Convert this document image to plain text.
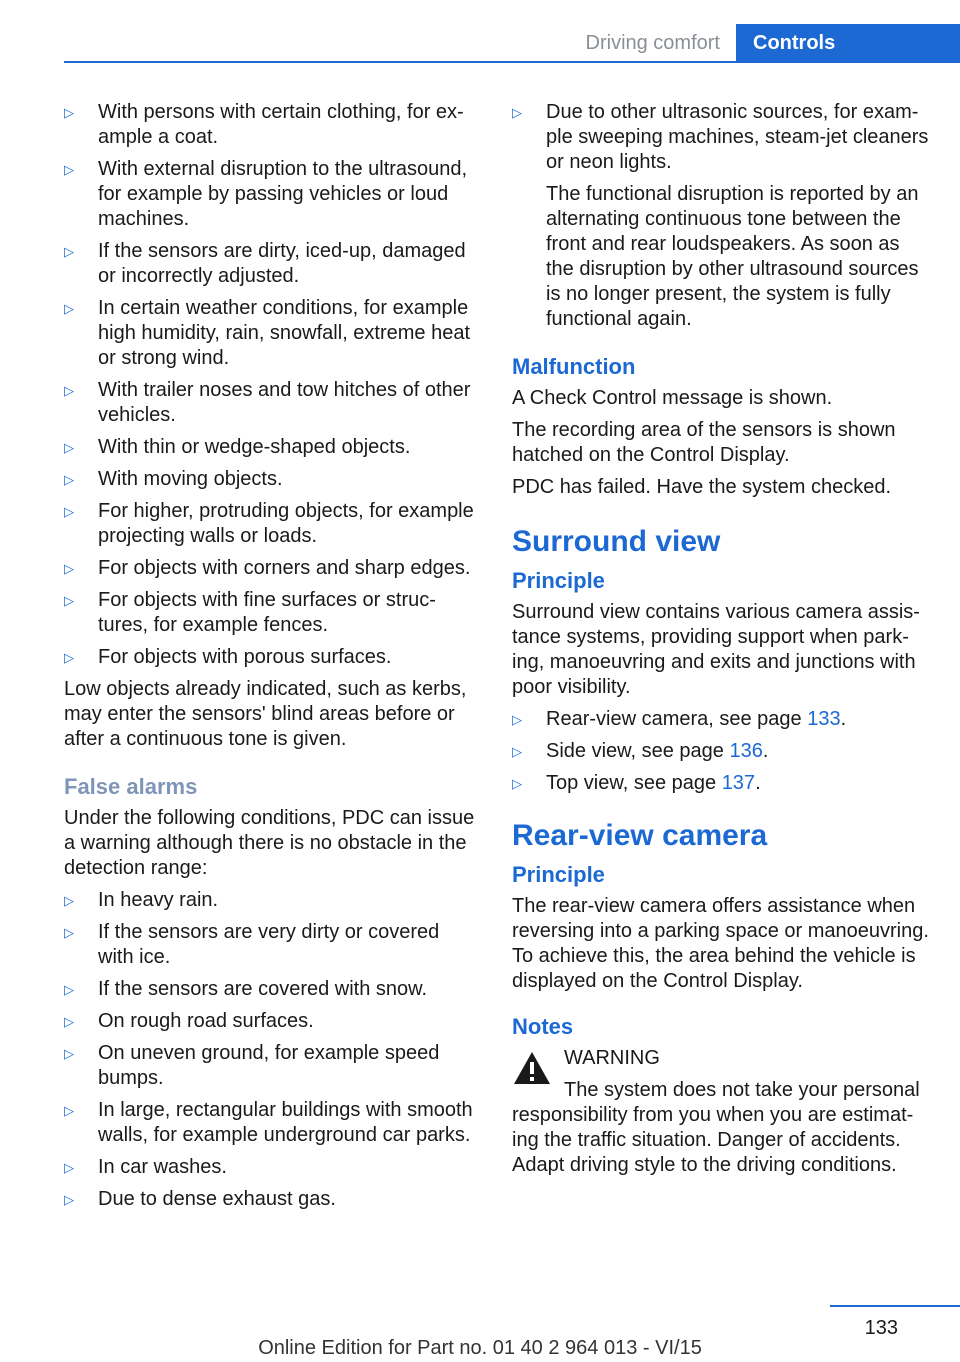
Driving comfort	Controls
▷ With persons with certain clothing, for ex‐ample a coat.
▷ With external disruption to the ultrasound, for example by passing vehicles or loud machines.
▷ If the sensors are dirty, iced-up, damaged or incorrectly adjusted.
▷ In certain weather conditions, for example high humidity, rain, snowfall, extreme heat or strong wind.
▷ With trailer noses and tow hitches of other vehicles.
▷ With thin or wedge-shaped objects.
▷ With moving objects.
▷ For higher, protruding objects, for example projecting walls or loads.
▷ For objects with corners and sharp edges.
▷ For objects with fine surfaces or struc‐tures, for example fences.
▷ For objects with porous surfaces.

Low objects already indicated, such as kerbs, may enter the sensors' blind areas before or after a continuous tone is given.

False alarms

Under the following conditions, PDC can issue a warning although there is no obstacle in the detection range:

▷ In heavy rain.
▷ If the sensors are very dirty or covered with ice.
▷ If the sensors are covered with snow.
▷ On rough road surfaces.
▷ On uneven ground, for example speed bumps.
▷ In large, rectangular buildings with smooth walls, for example underground car parks.
▷ In car washes.
▷ Due to dense exhaust gas.
▷ Due to other ultrasonic sources, for exam‐ple sweeping machines, steam-jet cleaners or neon lights.
The functional disruption is reported by an alternating continuous tone between the front and rear loudspeakers. As soon as the disruption by other ultrasound sources is no longer present, the system is fully functional again.
Malfunction

A Check Control message is shown.

The recording area of the sensors is shown hatched on the Control Display.

PDC has failed. Have the system checked.

Surround view
Principle

Surround view contains various camera assis‐tance systems, providing support when park‐ing, manoeuvring and exits and junctions with poor visibility.

▷ Rear-view camera, see page 133.
▷ Side view, see page 136.
▷ Top view, see page 137.
Rear-view camera
Principle

The rear-view camera offers assistance when reversing into a parking space or manoeuvring. To achieve this, the area behind the vehicle is displayed on the Control Display.

Notes

WARNING

The system does not take your personal

responsibility from you when you are estimat‐ing the traffic situation. Danger of accidents. Adapt driving style to the driving conditions.

133
Online Edition for Part no. 01 40 2 964 013 - VI/15
